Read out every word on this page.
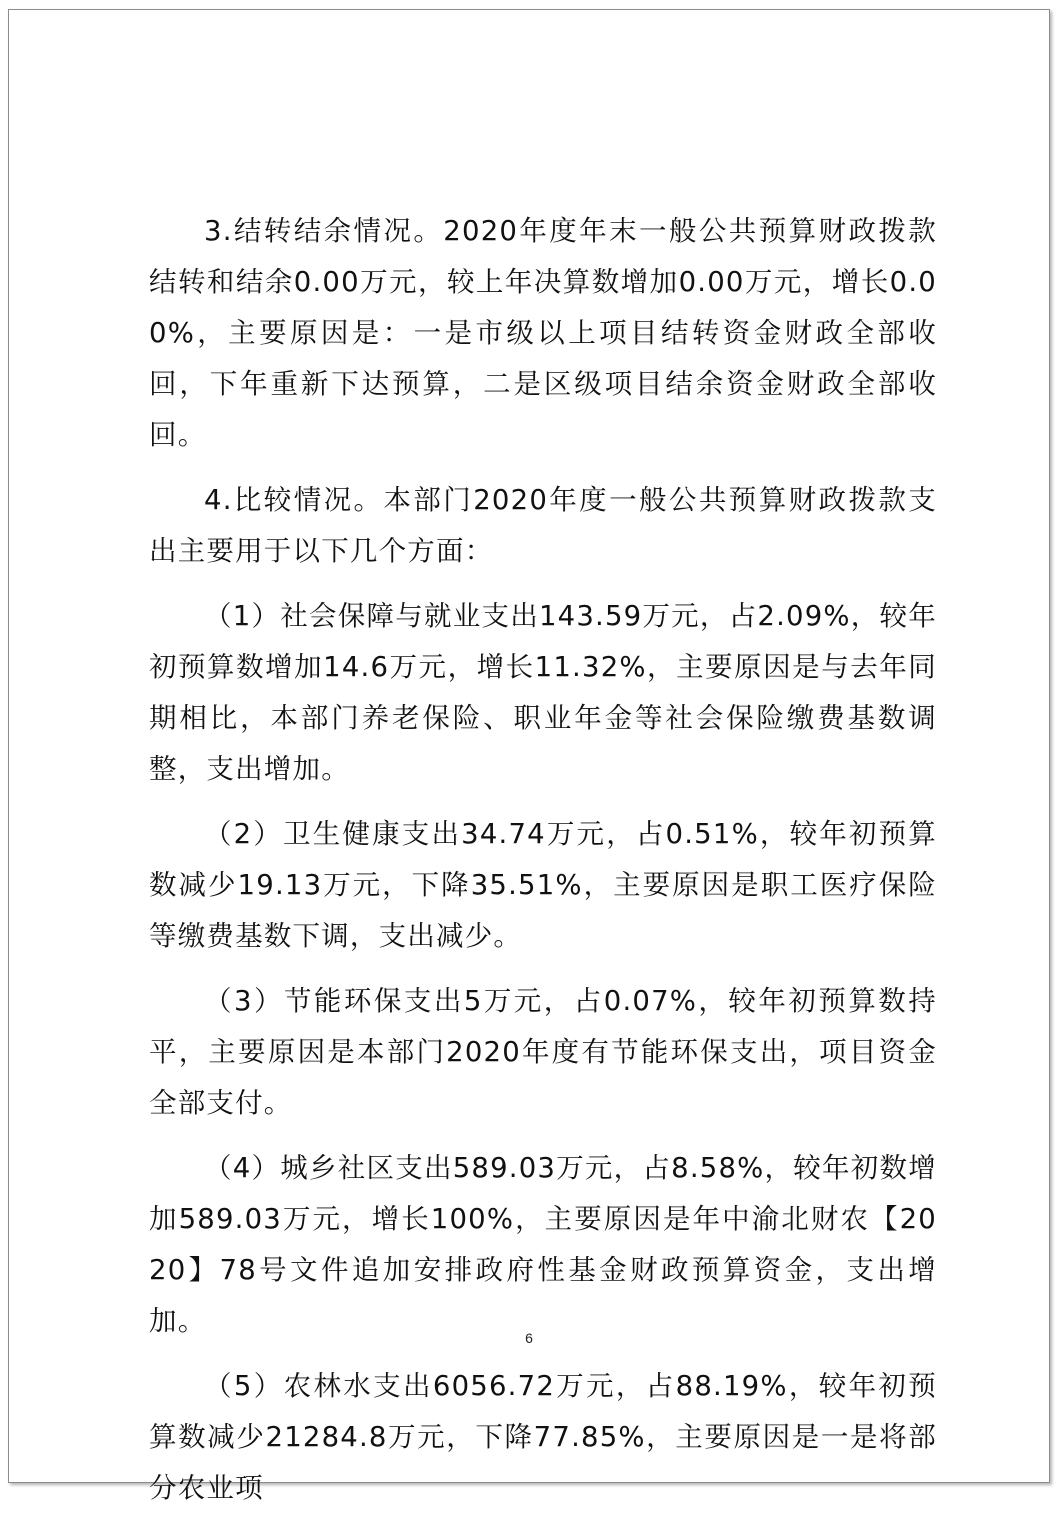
3.结转结余情况。2020年度年末一般公共预算财政拨款结转和结余0.00万元，较上年决算数增加0.00万元，增长0.00%，主要原因是：一是市级以上项目结转资金财政全部收回，下年重新下达预算，二是区级项目结余资金财政全部收回。

4.比较情况。本部门2020年度一般公共预算财政拨款支出主要用于以下几个方面：

（1）社会保障与就业支出143.59万元，占2.09%，较年初预算数增加14.6万元，增长11.32%，主要原因是与去年同期相比，本部门养老保险、职业年金等社会保险缴费基数调整，支出增加。

（2）卫生健康支出34.74万元，占0.51%，较年初预算数减少19.13万元，下降35.51%，主要原因是职工医疗保险等缴费基数下调，支出减少。

（3）节能环保支出5万元，占0.07%，较年初预算数持平，主要原因是本部门2020年度有节能环保支出，项目资金全部支付。

（4）城乡社区支出589.03万元，占8.58%，较年初数增加589.03万元，增长100%，主要原因是年中渝北财农【2020】78号文件追加安排政府性基金财政预算资金，支出增加。

（5）农林水支出6056.72万元，占88.19%，较年初预算数减少21284.8万元，下降77.85%，主要原因是一是将部分农业项

6
